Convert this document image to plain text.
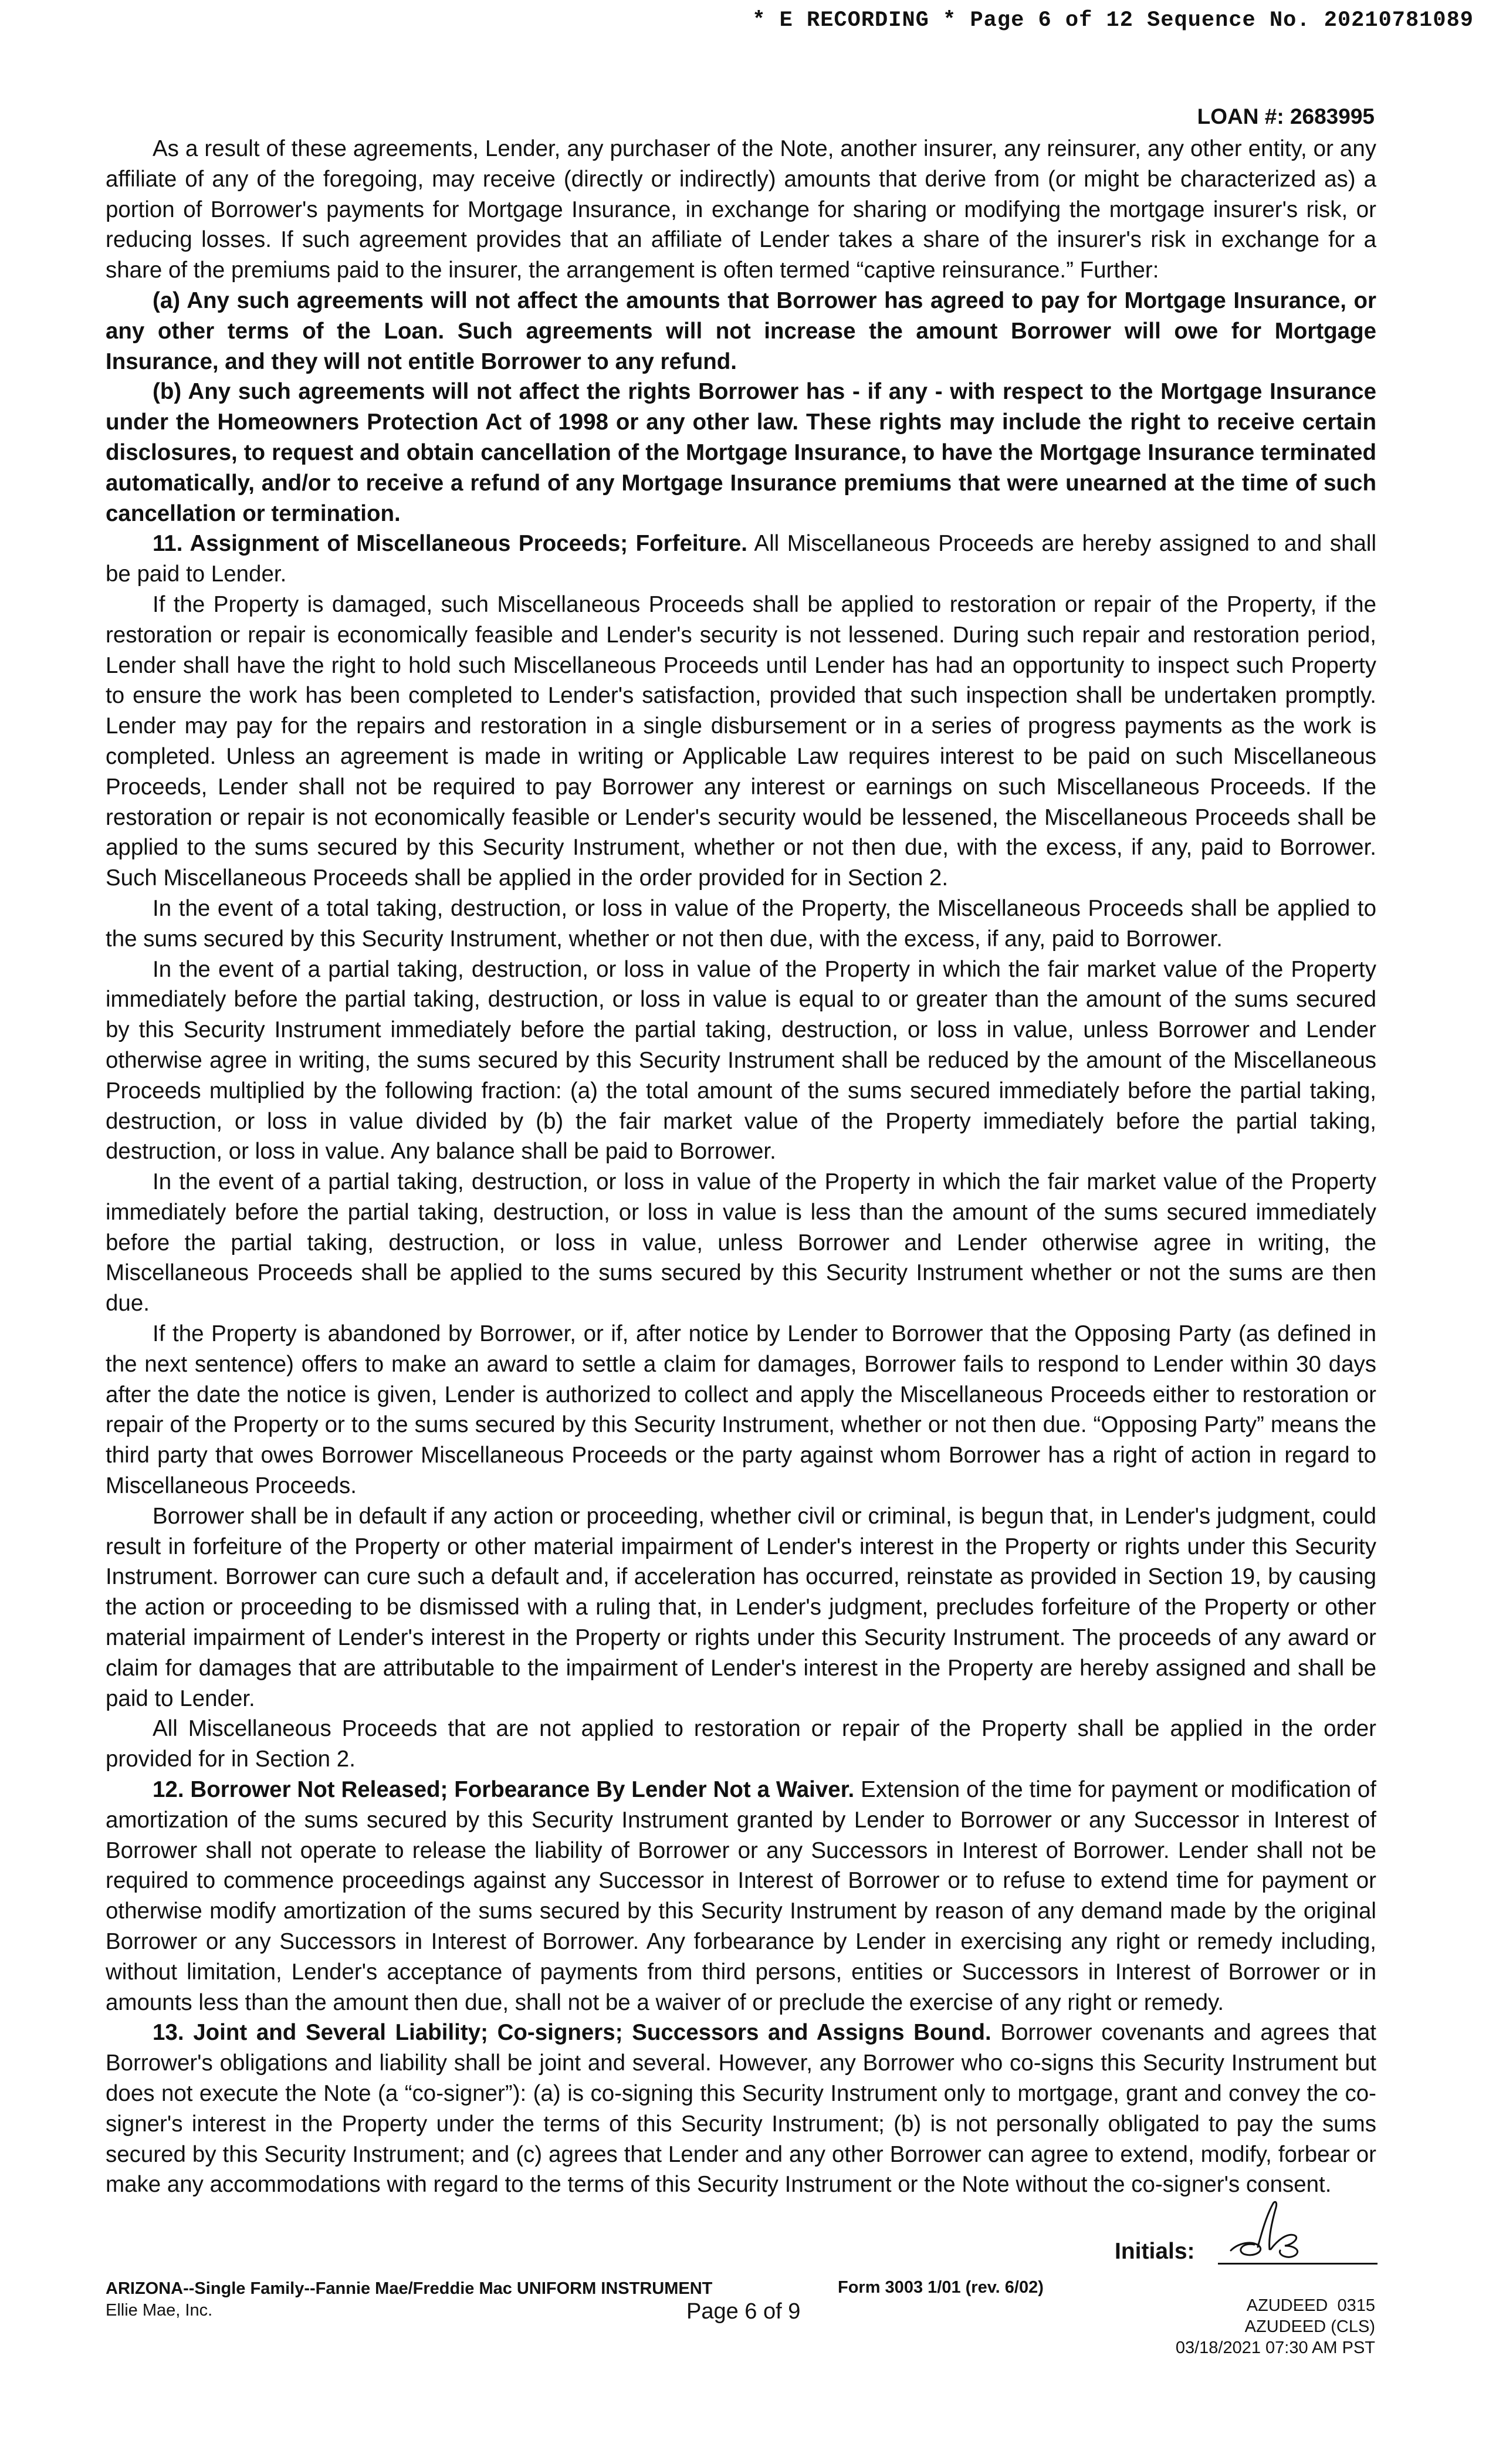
* E RECORDING * Page 6 of 12 Sequence No. 20210781089
LOAN #: 2683995

As a result of these agreements, Lender, any purchaser of the Note, another insurer, any reinsurer, any other entity, or any affiliate of any of the foregoing, may receive (directly or indirectly) amounts that derive from (or might be characterized as) a portion of Borrower's payments for Mortgage Insurance, in exchange for sharing or modifying the mortgage insurer's risk, or reducing losses. If such agreement provides that an affiliate of Lender takes a share of the insurer's risk in exchange for a share of the premiums paid to the insurer, the arrangement is often termed “captive reinsurance.” Further:

(a) Any such agreements will not affect the amounts that Borrower has agreed to pay for Mortgage Insurance, or any other terms of the Loan. Such agreements will not increase the amount Borrower will owe for Mortgage Insurance, and they will not entitle Borrower to any refund.

(b) Any such agreements will not affect the rights Borrower has - if any - with respect to the Mortgage Insurance under the Homeowners Protection Act of 1998 or any other law. These rights may include the right to receive certain disclosures, to request and obtain cancellation of the Mortgage Insurance, to have the Mortgage Insurance terminated automatically, and/or to receive a refund of any Mortgage Insurance premiums that were unearned at the time of such cancellation or termination.

11. Assignment of Miscellaneous Proceeds; Forfeiture. All Miscellaneous Proceeds are hereby assigned to and shall be paid to Lender.

If the Property is damaged, such Miscellaneous Proceeds shall be applied to restoration or repair of the Property, if the restoration or repair is economically feasible and Lender's security is not lessened. During such repair and restoration period, Lender shall have the right to hold such Miscellaneous Proceeds until Lender has had an opportunity to inspect such Property to ensure the work has been completed to Lender's satisfaction, provided that such inspection shall be undertaken promptly. Lender may pay for the repairs and restoration in a single disbursement or in a series of progress payments as the work is completed. Unless an agreement is made in writing or Applicable Law requires interest to be paid on such Miscellaneous Proceeds, Lender shall not be required to pay Borrower any interest or earnings on such Miscellaneous Proceeds. If the restoration or repair is not economically feasible or Lender's security would be lessened, the Miscellaneous Proceeds shall be applied to the sums secured by this Security Instrument, whether or not then due, with the excess, if any, paid to Borrower. Such Miscellaneous Proceeds shall be applied in the order provided for in Section 2.

In the event of a total taking, destruction, or loss in value of the Property, the Miscellaneous Proceeds shall be applied to the sums secured by this Security Instrument, whether or not then due, with the excess, if any, paid to Borrower.

In the event of a partial taking, destruction, or loss in value of the Property in which the fair market value of the Property immediately before the partial taking, destruction, or loss in value is equal to or greater than the amount of the sums secured by this Security Instrument immediately before the partial taking, destruction, or loss in value, unless Borrower and Lender otherwise agree in writing, the sums secured by this Security Instrument shall be reduced by the amount of the Miscellaneous Proceeds multiplied by the following fraction: (a) the total amount of the sums secured immediately before the partial taking, destruction, or loss in value divided by (b) the fair market value of the Property immediately before the partial taking, destruction, or loss in value. Any balance shall be paid to Borrower.

In the event of a partial taking, destruction, or loss in value of the Property in which the fair market value of the Property immediately before the partial taking, destruction, or loss in value is less than the amount of the sums secured immediately before the partial taking, destruction, or loss in value, unless Borrower and Lender otherwise agree in writing, the Miscellaneous Proceeds shall be applied to the sums secured by this Security Instrument whether or not the sums are then due.

If the Property is abandoned by Borrower, or if, after notice by Lender to Borrower that the Opposing Party (as defined in the next sentence) offers to make an award to settle a claim for damages, Borrower fails to respond to Lender within 30 days after the date the notice is given, Lender is authorized to collect and apply the Miscellaneous Proceeds either to restoration or repair of the Property or to the sums secured by this Security Instrument, whether or not then due. “Opposing Party” means the third party that owes Borrower Miscellaneous Proceeds or the party against whom Borrower has a right of action in regard to Miscellaneous Proceeds.

Borrower shall be in default if any action or proceeding, whether civil or criminal, is begun that, in Lender's judgment, could result in forfeiture of the Property or other material impairment of Lender's interest in the Property or rights under this Security Instrument. Borrower can cure such a default and, if acceleration has occurred, reinstate as provided in Section 19, by causing the action or proceeding to be dismissed with a ruling that, in Lender's judgment, precludes forfeiture of the Property or other material impairment of Lender's interest in the Property or rights under this Security Instrument. The proceeds of any award or claim for damages that are attributable to the impairment of Lender's interest in the Property are hereby assigned and shall be paid to Lender.

All Miscellaneous Proceeds that are not applied to restoration or repair of the Property shall be applied in the order provided for in Section 2.

12. Borrower Not Released; Forbearance By Lender Not a Waiver. Extension of the time for payment or modification of amortization of the sums secured by this Security Instrument granted by Lender to Borrower or any Successor in Interest of Borrower shall not operate to release the liability of Borrower or any Successors in Interest of Borrower. Lender shall not be required to commence proceedings against any Successor in Interest of Borrower or to refuse to extend time for payment or otherwise modify amortization of the sums secured by this Security Instrument by reason of any demand made by the original Borrower or any Successors in Interest of Borrower. Any forbearance by Lender in exercising any right or remedy including, without limitation, Lender's acceptance of payments from third persons, entities or Successors in Interest of Borrower or in amounts less than the amount then due, shall not be a waiver of or preclude the exercise of any right or remedy.

13. Joint and Several Liability; Co-signers; Successors and Assigns Bound. Borrower covenants and agrees that Borrower's obligations and liability shall be joint and several. However, any Borrower who co-signs this Security Instrument but does not execute the Note (a “co-signer”): (a) is co-signing this Security Instrument only to mortgage, grant and convey the co-signer's interest in the Property under the terms of this Security Instrument; (b) is not personally obligated to pay the sums secured by this Security Instrument; and (c) agrees that Lender and any other Borrower can agree to extend, modify, forbear or make any accommodations with regard to the terms of this Security Instrument or the Note without the co-signer's consent.

Initials:
ARIZONA--Single Family--Fannie Mae/Freddie Mac UNIFORM INSTRUMENT
Ellie Mae, Inc.
Form 3003 1/01 (rev. 6/02)
Page 6 of 9	AZUDEED  0315
AZUDEED (CLS)
03/18/2021 07:30 AM PST
